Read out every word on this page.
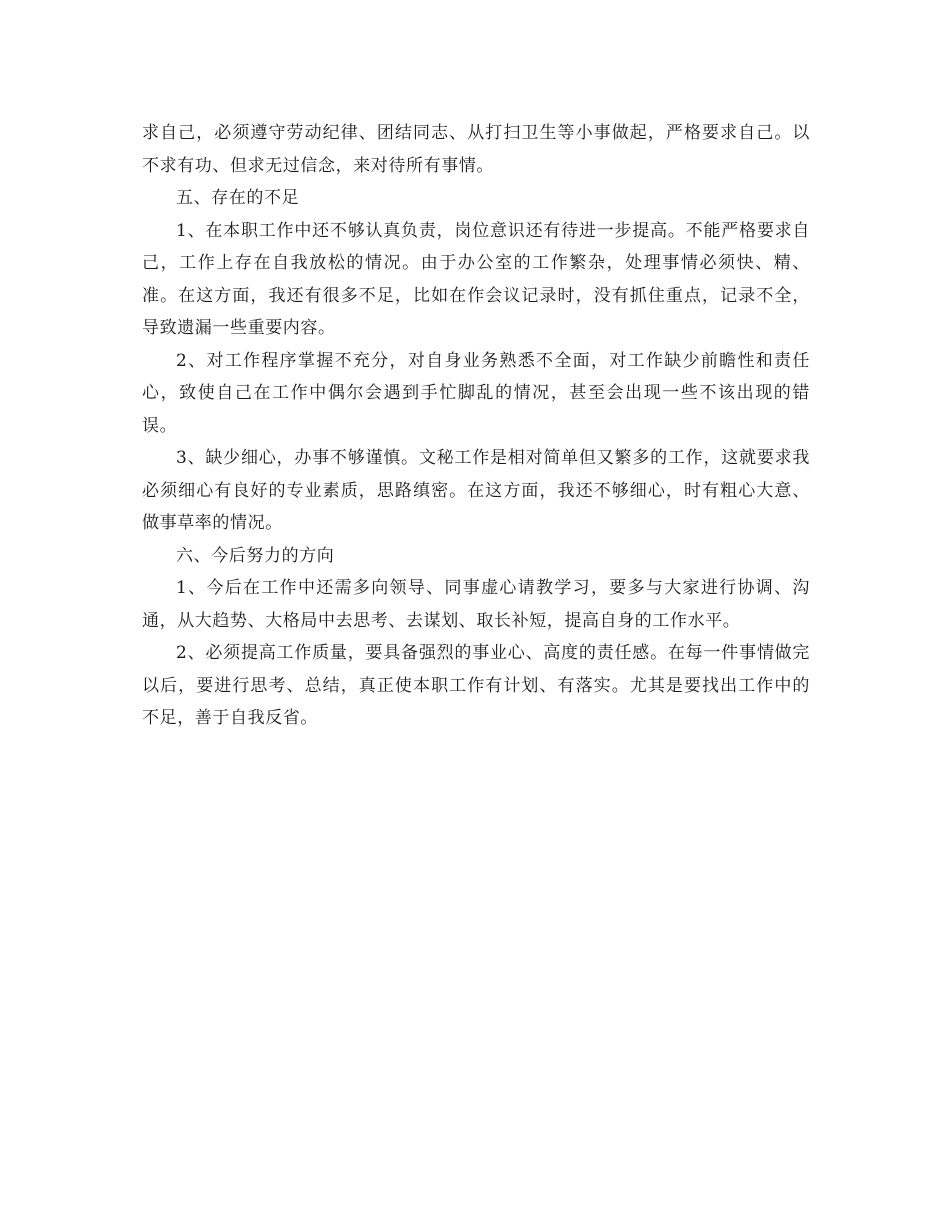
求自己，必须遵守劳动纪律、团结同志、从打扫卫生等小事做起，严格要求自己。以不求有功、但求无过信念，来对待所有事情。

五、存在的不足

1、在本职工作中还不够认真负责，岗位意识还有待进一步提高。不能严格要求自己，工作上存在自我放松的情况。由于办公室的工作繁杂，处理事情必须快、精、准。在这方面，我还有很多不足，比如在作会议记录时，没有抓住重点，记录不全，导致遗漏一些重要内容。

2、对工作程序掌握不充分，对自身业务熟悉不全面，对工作缺少前瞻性和责任心，致使自己在工作中偶尔会遇到手忙脚乱的情况，甚至会出现一些不该出现的错误。

3、缺少细心，办事不够谨慎。文秘工作是相对简单但又繁多的工作，这就要求我必须细心有良好的专业素质，思路缜密。在这方面，我还不够细心，时有粗心大意、做事草率的情况。

六、今后努力的方向

1、今后在工作中还需多向领导、同事虚心请教学习，要多与大家进行协调、沟通，从大趋势、大格局中去思考、去谋划、取长补短，提高自身的工作水平。

2、必须提高工作质量，要具备强烈的事业心、高度的责任感。在每一件事情做完以后，要进行思考、总结，真正使本职工作有计划、有落实。尤其是要找出工作中的不足，善于自我反省。
